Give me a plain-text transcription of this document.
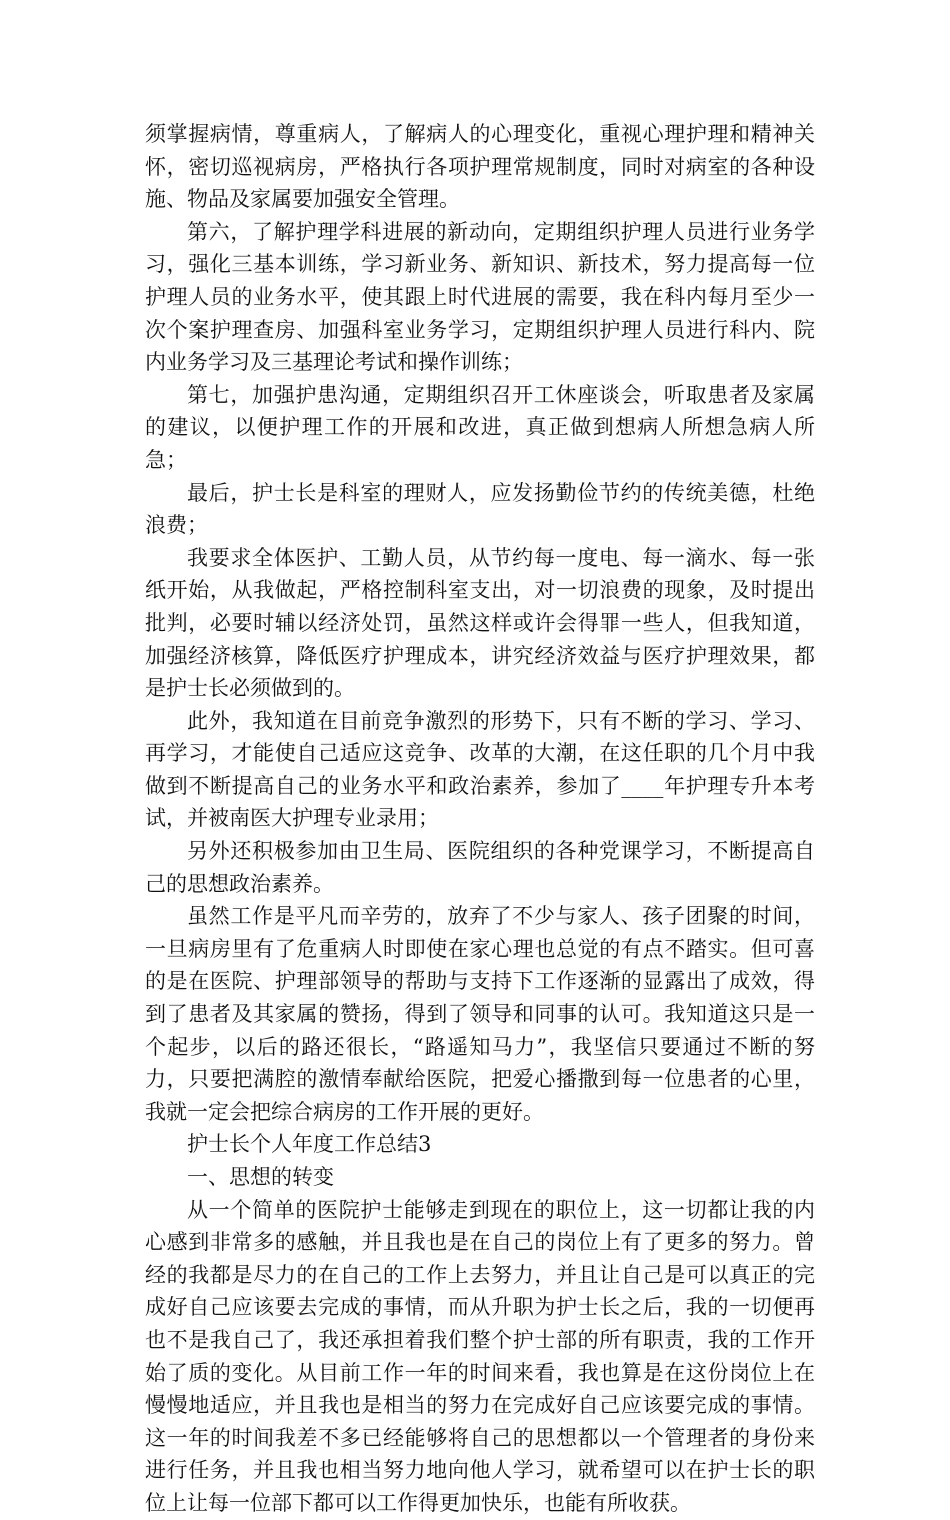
须掌握病情，尊重病人，了解病人的心理变化，重视心理护理和精神关怀，密切巡视病房，严格执行各项护理常规制度，同时对病室的各种设施、物品及家属要加强安全管理。

第六，了解护理学科进展的新动向，定期组织护理人员进行业务学习，强化三基本训练，学习新业务、新知识、新技术，努力提高每一位护理人员的业务水平，使其跟上时代进展的需要，我在科内每月至少一次个案护理查房、加强科室业务学习，定期组织护理人员进行科内、院内业务学习及三基理论考试和操作训练；

第七，加强护患沟通，定期组织召开工休座谈会，听取患者及家属的建议，以便护理工作的开展和改进，真正做到想病人所想急病人所急；

最后，护士长是科室的理财人，应发扬勤俭节约的传统美德，杜绝浪费；

我要求全体医护、工勤人员，从节约每一度电、每一滴水、每一张纸开始，从我做起，严格控制科室支出，对一切浪费的现象，及时提出批判，必要时辅以经济处罚，虽然这样或许会得罪一些人，但我知道，加强经济核算，降低医疗护理成本，讲究经济效益与医疗护理效果，都是护士长必须做到的。

此外，我知道在目前竞争激烈的形势下，只有不断的学习、学习、再学习，才能使自己适应这竞争、改革的大潮，在这任职的几个月中我做到不断提高自己的业务水平和政治素养，参加了____年护理专升本考试，并被南医大护理专业录用；

另外还积极参加由卫生局、医院组织的各种党课学习，不断提高自己的思想政治素养。

虽然工作是平凡而辛劳的，放弃了不少与家人、孩子团聚的时间，一旦病房里有了危重病人时即使在家心理也总觉的有点不踏实。但可喜的是在医院、护理部领导的帮助与支持下工作逐渐的显露出了成效，得到了患者及其家属的赞扬，得到了领导和同事的认可。我知道这只是一个起步，以后的路还很长，“路遥知马力”，我坚信只要通过不断的努力，只要把满腔的激情奉献给医院，把爱心播撒到每一位患者的心里，我就一定会把综合病房的工作开展的更好。

护士长个人年度工作总结3

一、思想的转变

从一个简单的医院护士能够走到现在的职位上，这一切都让我的内心感到非常多的感触，并且我也是在自己的岗位上有了更多的努力。曾经的我都是尽力的在自己的工作上去努力，并且让自己是可以真正的完成好自己应该要去完成的事情，而从升职为护士长之后，我的一切便再也不是我自己了，我还承担着我们整个护士部的所有职责，我的工作开始了质的变化。从目前工作一年的时间来看，我也算是在这份岗位上在慢慢地适应，并且我也是相当的努力在完成好自己应该要完成的事情。这一年的时间我差不多已经能够将自己的思想都以一个管理者的身份来进行任务，并且我也相当努力地向他人学习，就希望可以在护士长的职位上让每一位部下都可以工作得更加快乐，也能有所收获。
